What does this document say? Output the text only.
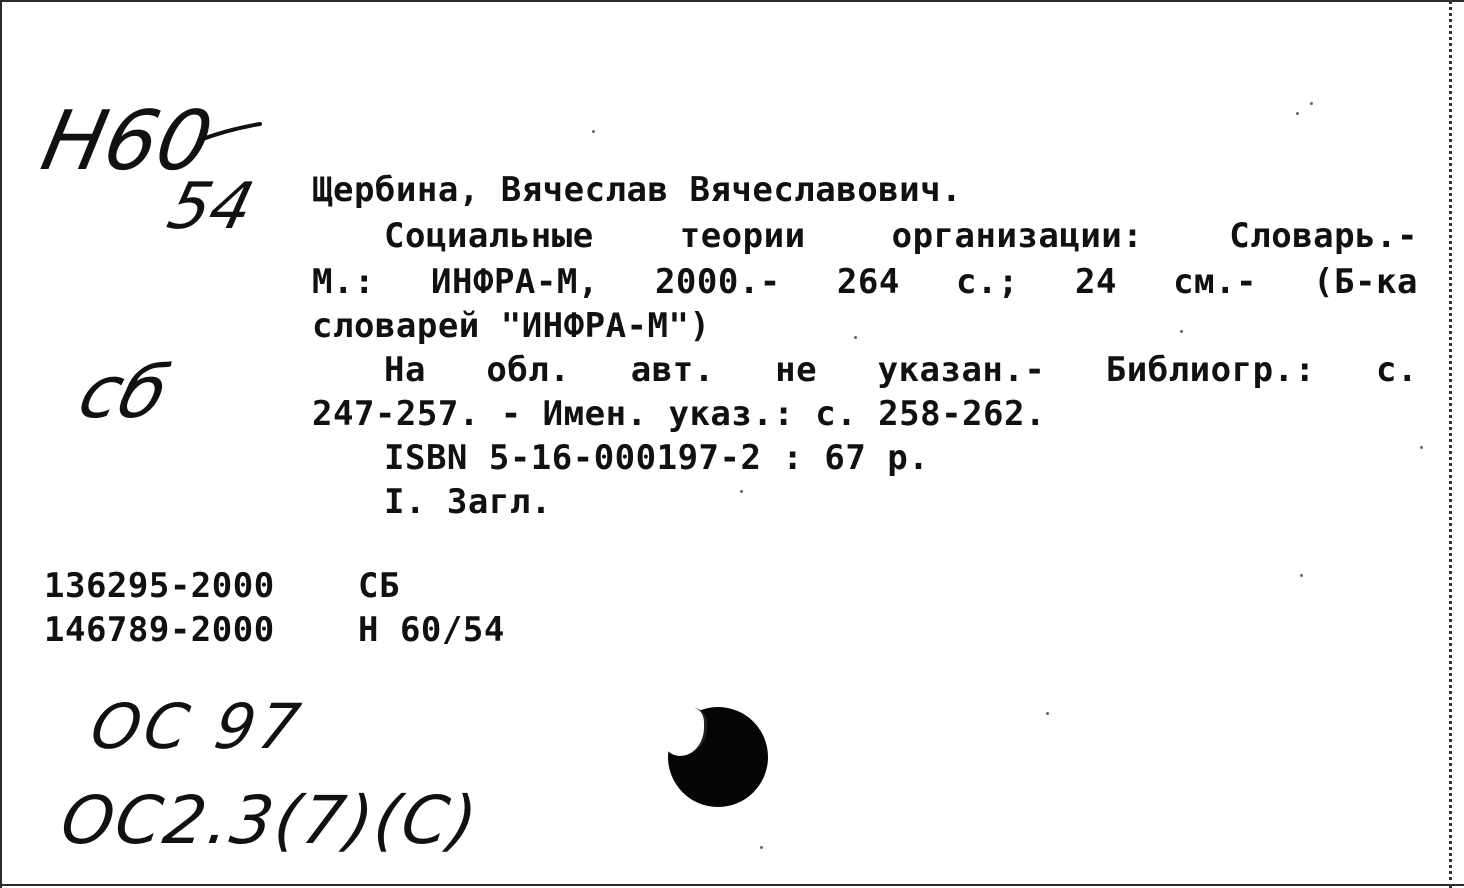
Н60
54
сб
Щербина, Вячеслав Вячеславович.
Социальные	теории	организации:	Словарь.-
М.: ИНФРА-М, 2000.- 264 с.; 24 см.- (Б-ка
словарей "ИНФРА-М")
На обл. авт. не указан.- Библиогр.: с.
247-257. - Имен. указ.: с. 258-262.
ISBN 5-16-000197-2 : 67 р.
I. Загл.
136295-2000 СБ
146789-2000 Н 60/54
ОС 97
ОС2.3(7)(С)
